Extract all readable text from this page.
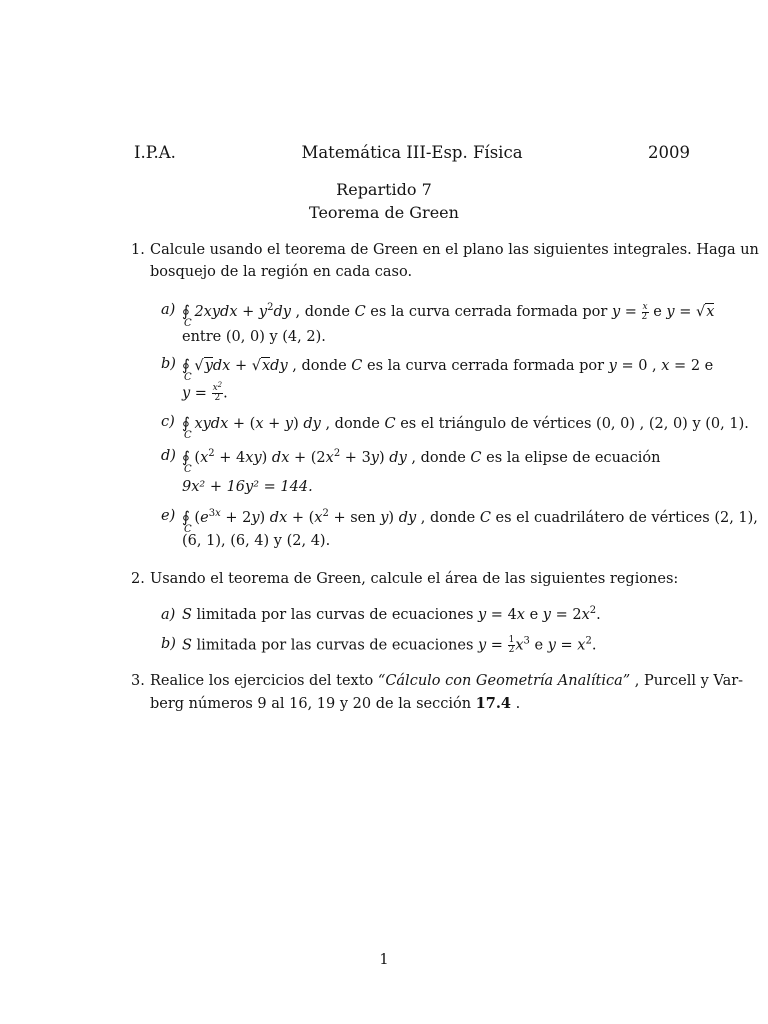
I.P.A.	Matemática III-Esp. Física	2009
Repartido 7
Teorema de Green
1. Calcule usando el teorema de Green en el plano las siguientes integrales. Haga un
bosquejo de la región en cada caso.
a) ∮ 2xydx + $y^2dy$ , donde C es la curva cerrada formada por $y = \frac{x}{2}$ e y = √x
C
entre (0, 0) y (4, 2).
b) ∮ √ydx + √xdy , donde C es la curva cerrada formada por y = 0 , x = 2 e
C
$y = \frac{x^2}{2}$ .
c) ∮ xydx + (x + y) dy , donde C es el triángulo de vértices (0, 0) , (2, 0) y (0, 1).
C
d) ∮ $(x^2 + 4xy)$ dx + $(2x^2 + 3y)$ dy , donde C es la elipse de ecuación
C
9x² + 16y² = 144.
e) ∮ $(e^{3x} + 2y)$ dx + ($x^2$ + sen y) dy , donde C es el cuadrilátero de vértices (2, 1),
C
(6, 1), (6, 4) y (2, 4).
2. Usando el teorema de Green, calcule el área de las siguientes regiones:
a) S limitada por las curvas de ecuaciones y = 4x e $y = 2x^2$.
b) S limitada por las curvas de ecuaciones $y = \frac{1}{2} x^3$ e $y = x^2$.
3. Realice los ejercicios del texto “Cálculo con Geometría Analítica” , Purcell y Var-
berg números 9 al 16, 19 y 20 de la sección 17.4 .
1
